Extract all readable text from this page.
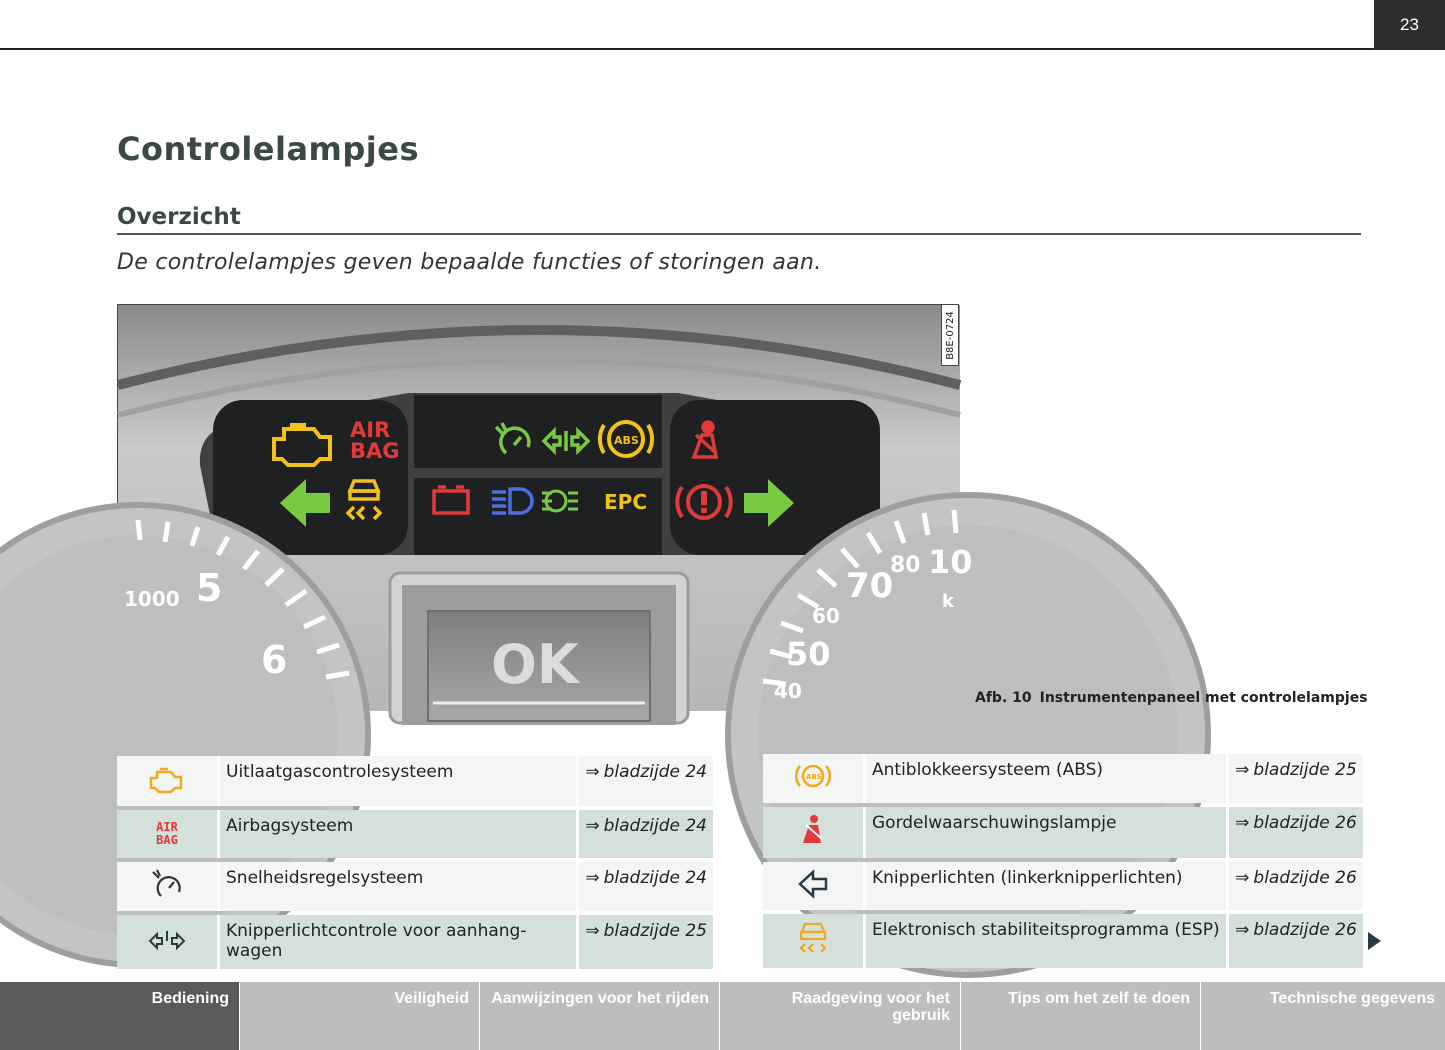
23
Controlelampjes
Overzicht
De controlelampjes geven bepaalde functies of storingen aan.
1000 5
6
80 10
70	k
60
50
40
OK
AIR
BAG	ABS
EPC
B8E-0724
Afb. 10 Instrumentenpaneel met controlelampjes
	Uitlaatgascontrolesysteem	⇒ bladzijde 24

AIR
BAG	Airbagsysteem	⇒ bladzijde 24
	Snelheidsregelsysteem	⇒ bladzijde 24
	Knipperlichtcontrole voor aanhang-wagen	⇒ bladzijde 25
ABS	Antiblokkeersysteem (ABS)	⇒ bladzijde 25
	Gordelwaarschuwingslampje	⇒ bladzijde 26
	Knipperlichten (linkerknipperlichten)	⇒ bladzijde 26
	Elektronisch stabiliteitsprogramma (ESP)	⇒ bladzijde 26
Bediening	Veiligheid	Aanwijzingen voor het rijden	Raadgeving voor het gebruik
Tips om het zelf te doen	Technische gegevens
